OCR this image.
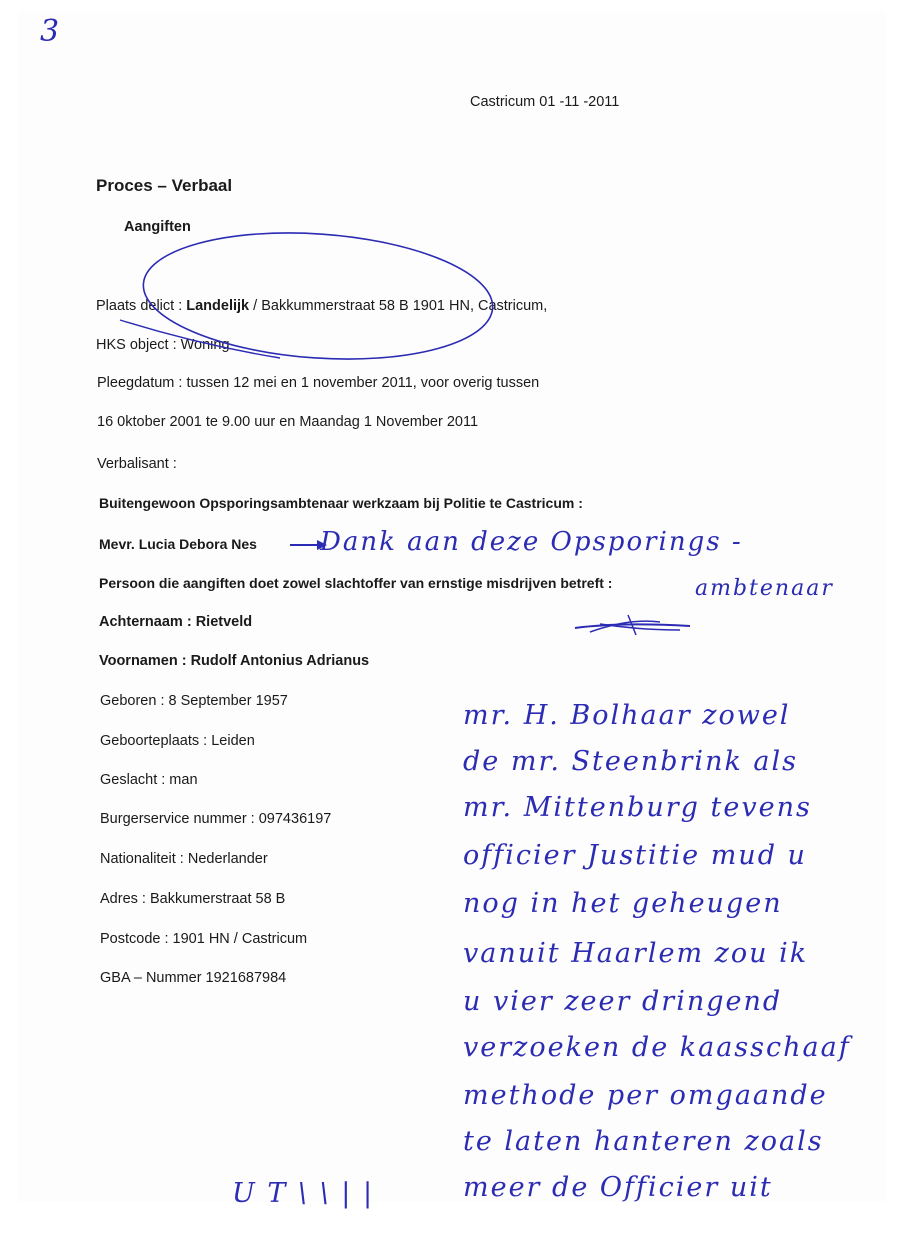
3
Castricum 01 -11 -2011
Proces – Verbaal
Aangiften
Plaats delict : Landelijk / Bakkummerstraat 58 B 1901 HN, Castricum,
HKS object : Woning
Pleegdatum : tussen 12 mei en 1 november 2011, voor overig tussen
16 0ktober 2001 te 9.00 uur en Maandag 1 November 2011
Verbalisant :
Buitengewoon Opsporingsambtenaar werkzaam bij Politie te Castricum :
Mevr. Lucia Debora Nes
Persoon die aangiften doet zowel slachtoffer van ernstige misdrijven betreft :
Achternaam : Rietveld
Voornamen : Rudolf Antonius Adrianus
Geboren : 8 September 1957
Geboorteplaats : Leiden
Geslacht : man
Burgerservice nummer : 097436197
Nationaliteit : Nederlander
Adres : Bakkumerstraat 58 B
Postcode : 1901 HN / Castricum
GBA – Nummer 1921687984
Dank aan deze Opsporings -
ambtenaar
mr. H. Bolhaar zowel
de mr. Steenbrink als
mr. Mittenburg tevens
officier Justitie mud u
nog in het geheugen
vanuit Haarlem zou ik
u vier zeer dringend
verzoeken de kaasschaaf
methode per omgaande
te laten hanteren zoals
meer de Officier uit
U T \ \ | |
